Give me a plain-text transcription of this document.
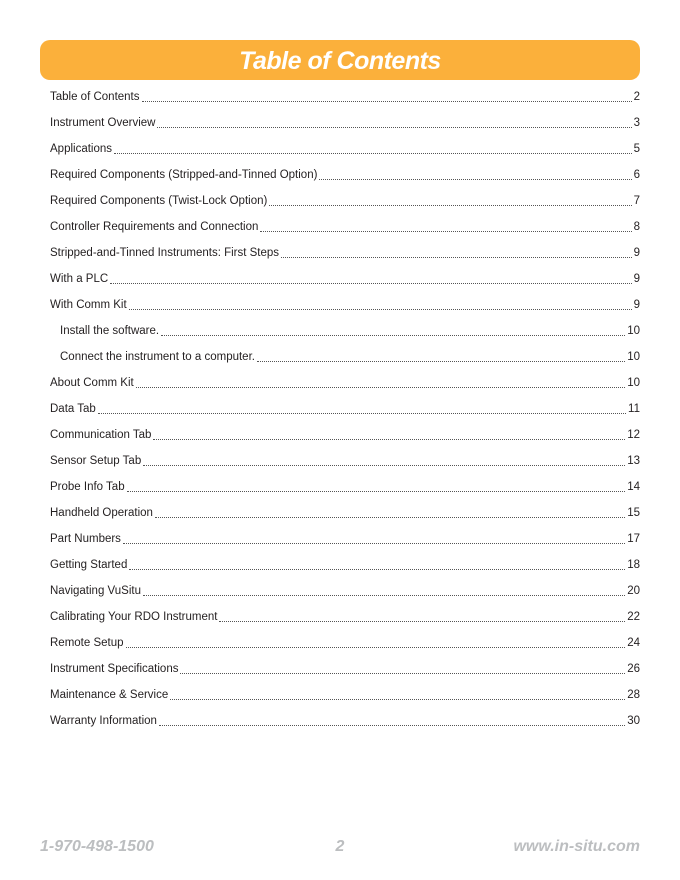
Table of Contents
Table of Contents	2
Instrument Overview	3
Applications	5
Required Components (Stripped-and-Tinned Option)	6
Required Components (Twist-Lock Option)	7
Controller Requirements and Connection	8
Stripped-and-Tinned Instruments: First Steps	9
With a PLC	9
With Comm Kit	9
Install the software.	10
Connect the instrument to a computer.	10
About Comm Kit	10
Data Tab	11
Communication Tab	12
Sensor Setup Tab	13
Probe Info Tab	14
Handheld Operation	15
Part Numbers	17
Getting Started	18
Navigating VuSitu	20
Calibrating Your RDO Instrument	22
Remote Setup	24
Instrument Specifications	26
Maintenance & Service	28
Warranty Information	30
1-970-498-1500	2	www.in-situ.com
